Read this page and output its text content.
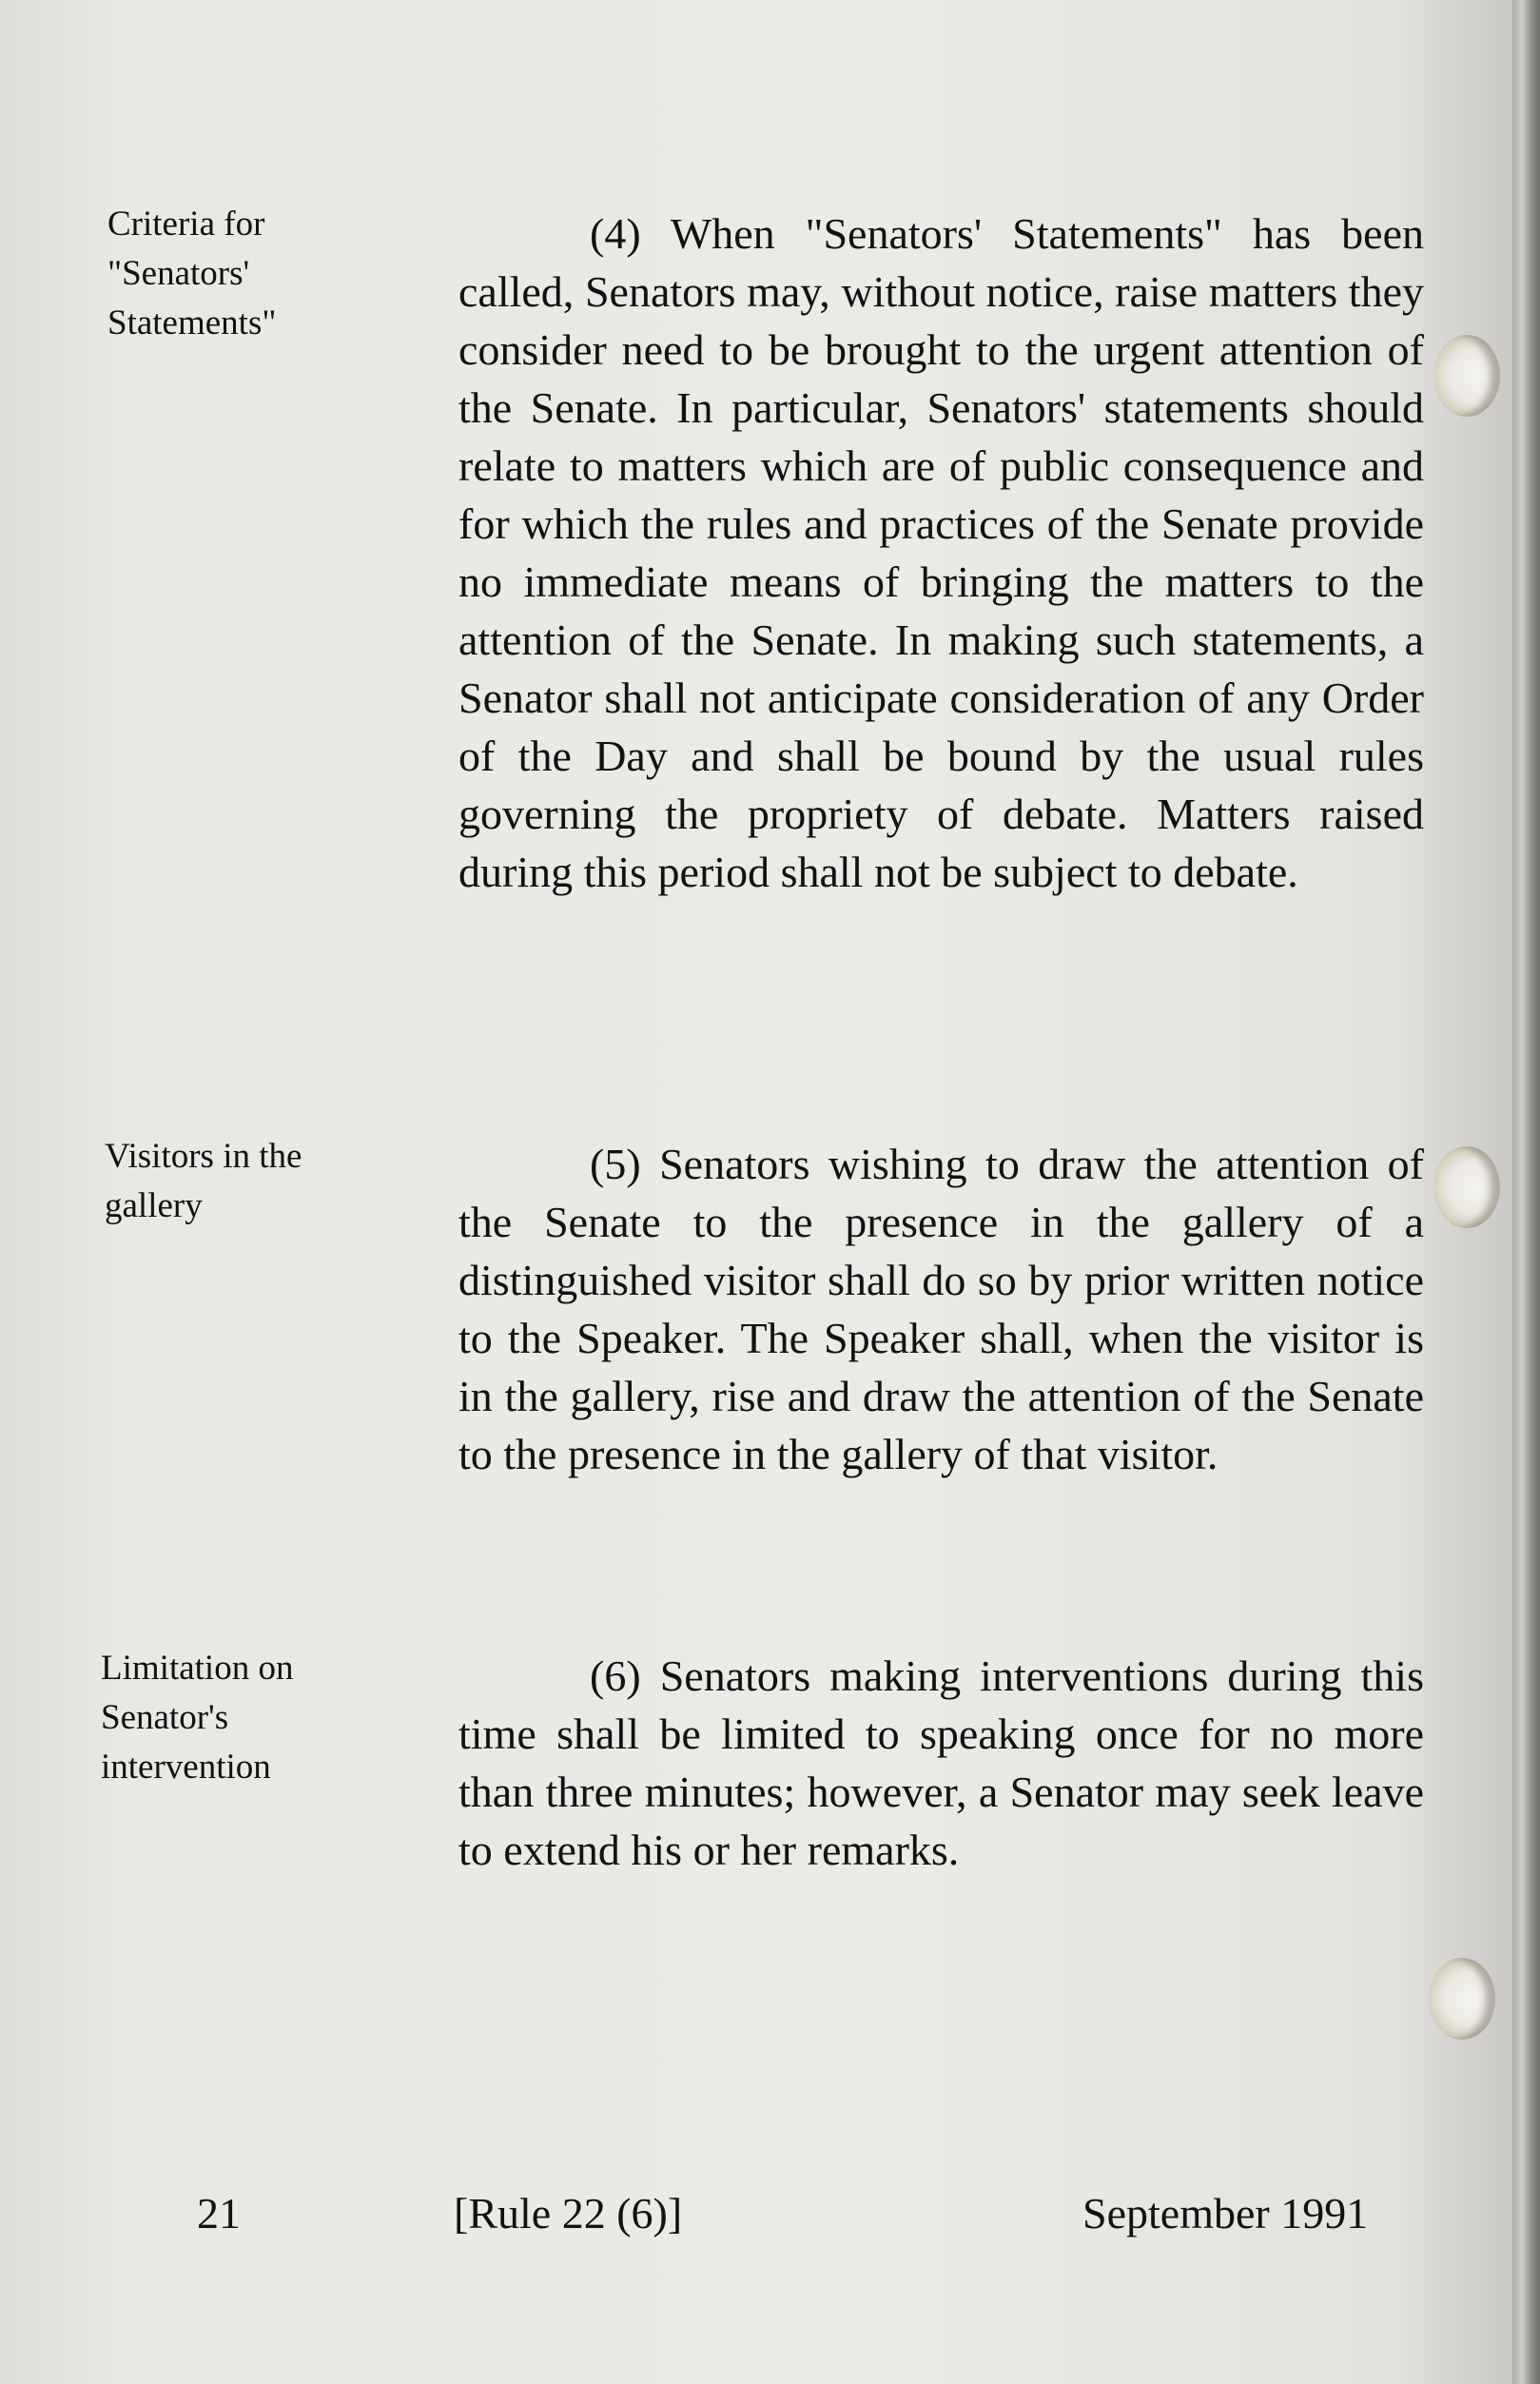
Criteria for
"Senators'
Statements"
(4) When "Senators' Statements" has been called, Senators may, without notice, raise matters they consider need to be brought to the urgent attention of the Senate. In particular, Senators' statements should relate to matters which are of public consequence and for which the rules and practices of the Senate provide no immediate means of bringing the matters to the attention of the Senate. In making such statements, a Senator shall not anticipate consideration of any Order of the Day and shall be bound by the usual rules governing the propriety of debate. Matters raised during this period shall not be subject to debate.
Visitors in the
gallery
(5) Senators wishing to draw the attention of the Senate to the presence in the gallery of a distinguished visitor shall do so by prior written notice to the Speaker. The Speaker shall, when the visitor is in the gallery, rise and draw the attention of the Senate to the presence in the gallery of that visitor.
Limitation on
Senator's
intervention
(6) Senators making interventions during this time shall be limited to speaking once for no more than three minutes; however, a Senator may seek leave to extend his or her remarks.
21	[Rule 22 (6)]	September 1991
